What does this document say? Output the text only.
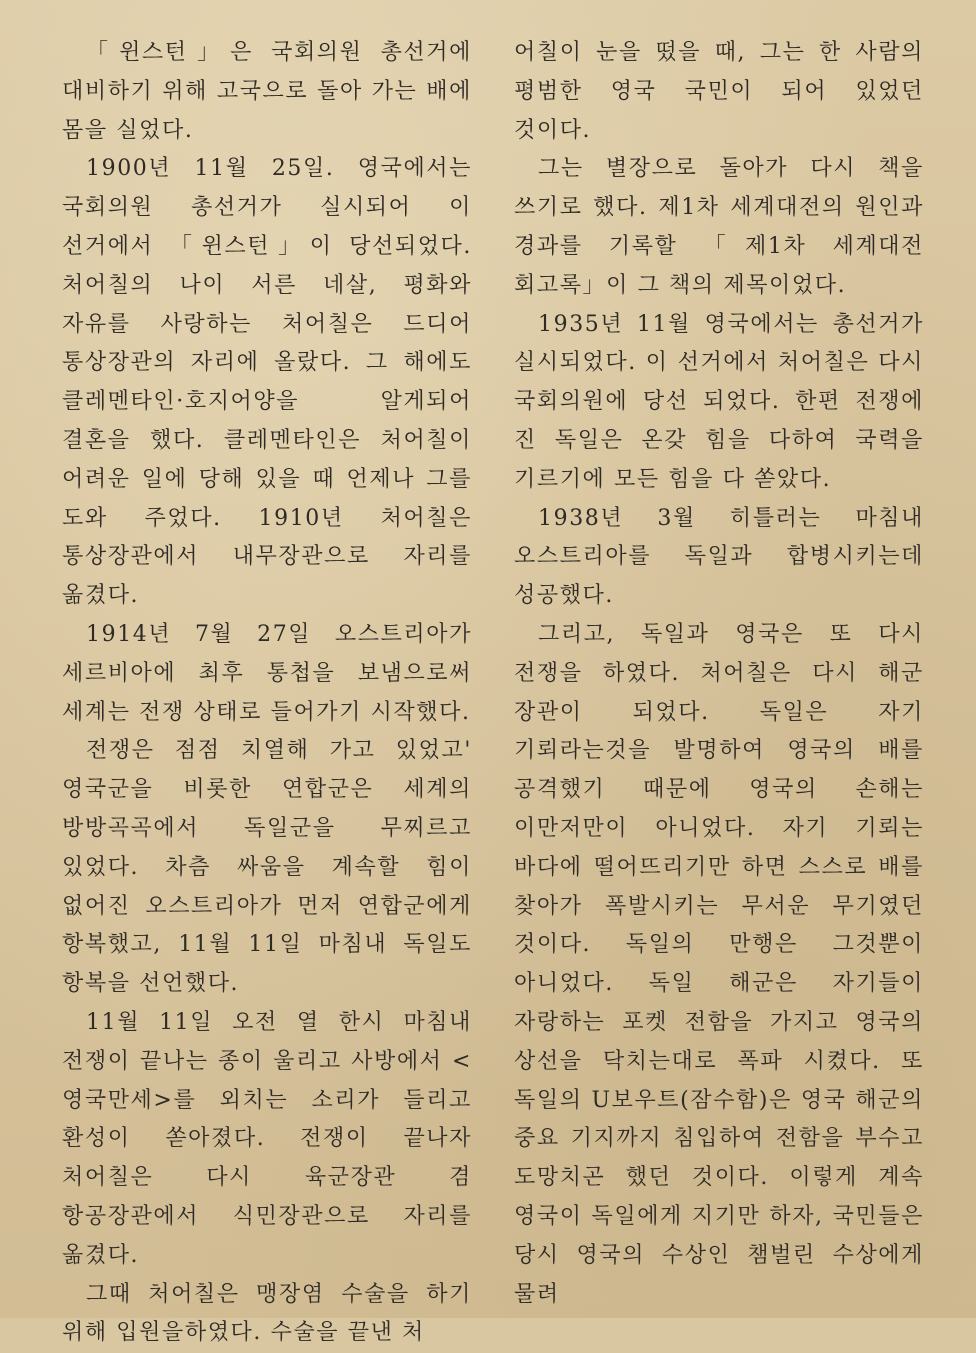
「윈스턴」은 국회의원 총선거에 대비하기 위해 고국으로 돌아 가는 배에 몸을 실었다.

1900년 11월 25일. 영국에서는 국회의원 총선거가 실시되어 이 선거에서 「윈스턴」이 당선되었다. 처어칠의 나이 서른 네살, 평화와 자유를 사랑하는 처어칠은 드디어 통상장관의 자리에 올랐다. 그 해에도 클레멘타인·호지어양을 알게되어 결혼을 했다. 클레멘타인은 처어칠이 어려운 일에 당해 있을 때 언제나 그를 도와 주었다. 1910년 처어칠은 통상장관에서 내무장관으로 자리를 옮겼다.

1914년 7월 27일 오스트리아가 세르비아에 최후 통첩을 보냄으로써 세계는 전쟁 상태로 들어가기 시작했다.

전쟁은 점점 치열해 가고 있었고' 영국군을 비롯한 연합군은 세계의 방방곡곡에서 독일군을 무찌르고 있었다. 차츰 싸움을 계속할 힘이 없어진 오스트리아가 먼저 연합군에게 항복했고, 11월 11일 마침내 독일도 항복을 선언했다.

11월 11일 오전 열 한시 마침내 전쟁이 끝나는 종이 울리고 사방에서 <영국만세>를 외치는 소리가 들리고 환성이 쏟아졌다. 전쟁이 끝나자 처어칠은 다시 육군장관 겸 항공장관에서 식민장관으로 자리를 옮겼다.

그때 처어칠은 맹장염 수술을 하기 위해 입원을하였다. 수술을 끝낸 처

어칠이 눈을 떴을 때, 그는 한 사람의 평범한 영국 국민이 되어 있었던 것이다.

그는 별장으로 돌아가 다시 책을 쓰기로 했다. 제1차 세계대전의 원인과 경과를 기록할 「제1차 세계대전 회고록」이 그 책의 제목이었다.

1935년 11월 영국에서는 총선거가 실시되었다. 이 선거에서 처어칠은 다시 국회의원에 당선 되었다. 한편 전쟁에 진 독일은 온갖 힘을 다하여 국력을 기르기에 모든 힘을 다 쏟았다.

1938년 3월 히틀러는 마침내 오스트리아를 독일과 합병시키는데 성공했다.

그리고, 독일과 영국은 또 다시 전쟁을 하였다. 처어칠은 다시 해군 장관이 되었다. 독일은 자기 기뢰라는것을 발명하여 영국의 배를 공격했기 때문에 영국의 손해는 이만저만이 아니었다. 자기 기뢰는 바다에 떨어뜨리기만 하면 스스로 배를 찾아가 폭발시키는 무서운 무기였던 것이다. 독일의 만행은 그것뿐이 아니었다. 독일 해군은 자기들이 자랑하는 포켓 전함을 가지고 영국의 상선을 닥치는대로 폭파 시켰다. 또 독일의 U보우트(잠수함)은 영국 해군의 중요 기지까지 침입하여 전함을 부수고 도망치곤 했던 것이다. 이렇게 계속 영국이 독일에게 지기만 하자, 국민들은 당시 영국의 수상인 챔벌린 수상에게 물려
